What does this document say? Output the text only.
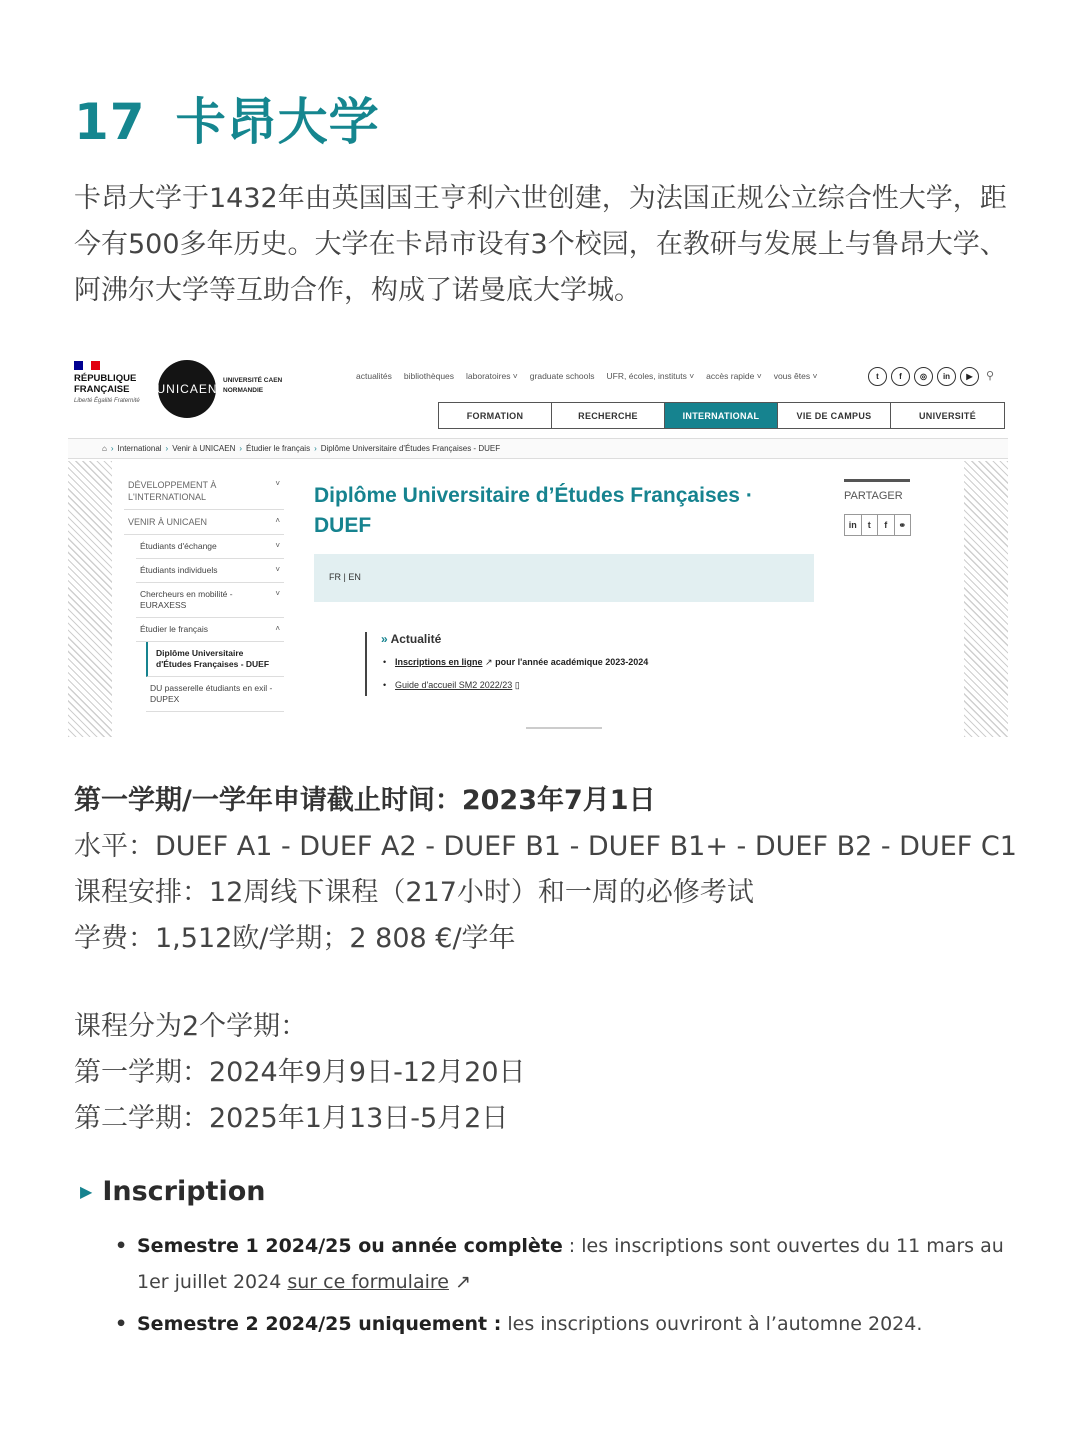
17 卡昂大学

卡昂大学于1432年由英国国王亨利六世创建，为法国正规公立综合性大学，距今有500多年历史。大学在卡昂市设有3个校园，在教研与发展上与鲁昂大学、阿沸尔大学等互助合作，构成了诺曼底大学城。

RÉPUBLIQUE FRANÇAISE
Liberté Égalité Fraternité
UNICAEN
UNIVERSITÉ CAEN NORMANDIE
actualités bibliothèques laboratoires ˅ graduate schools UFR, écoles, instituts ˅ accès rapide ˅ vous êtes ˅	t	f	◎	in	▶	⚲
FORMATION	RECHERCHE	INTERNATIONAL	VIE DE CAMPUS	UNIVERSITÉ
⌂ › International › Venir à UNICAEN › Étudier le français › Diplôme Universitaire d'Études Françaises - DUEF
DÉVELOPPEMENT À L'INTERNATIONAL
˅
VENIR À UNICAEN	˄
Étudiants d'échange	˅
Étudiants individuels	˅
Chercheurs en mobilité - EURAXESS
˅
Étudier le français	˄
Diplôme Universitaire d'Études Françaises - DUEF
DU passerelle étudiants en exil - DUPEX
Diplôme Universitaire d’Études Françaises · DUEF
FR | EN
» Actualité
• Inscriptions en ligne ↗ pour l'année académique 2023-2024
• Guide d'accueil SM2 2022/23 ▯
PARTAGER
in	t	f	⚭
第一学期/一学年申请截止时间：2023年7月1日
水平：DUEF A1 - DUEF A2 - DUEF B1 - DUEF B1+ - DUEF B2 - DUEF C1
课程安排：12周线下课程（217小时）和一周的必修考试
学费：1,512欧/学期；2 808 €/学年
课程分为2个学期：
第一学期：2024年9月9日-12月20日
第二学期：2025年1月13日-5月2日
▶ Inscription
• Semestre 1 2024/25 ou année complète : les inscriptions sont ouvertes du 11 mars au 1er juillet 2024 sur ce formulaire ↗
• Semestre 2 2024/25 uniquement : les inscriptions ouvriront à l’automne 2024.
